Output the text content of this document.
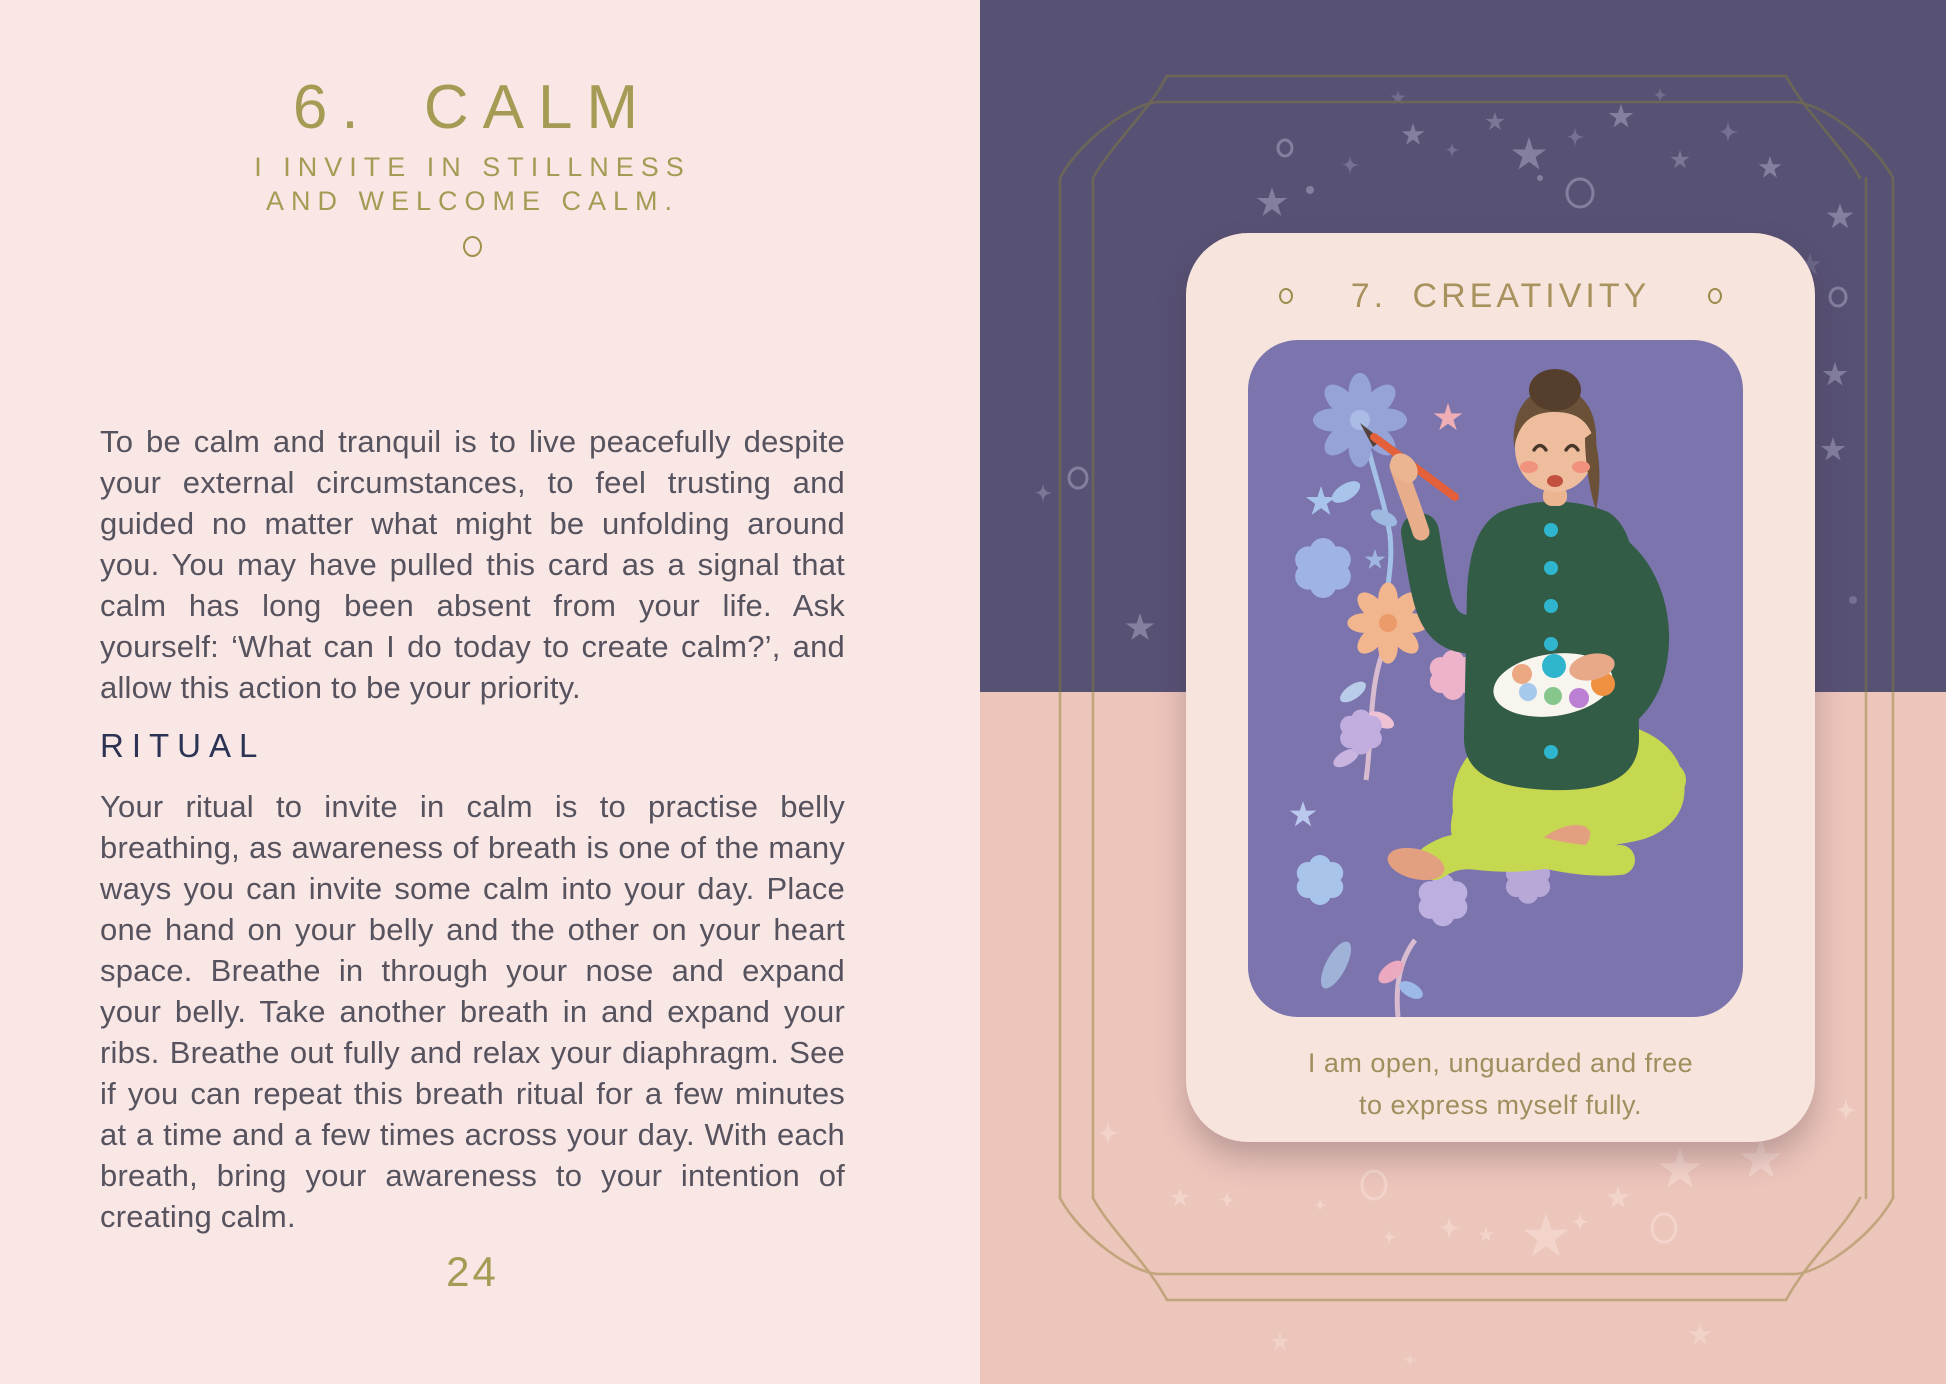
6. CALM
I INVITE IN STILLNESS
AND WELCOME CALM.

To be calm and tranquil is to live peacefully despite your external circumstances, to feel trusting and guided no matter what might be unfolding around you. You may have pulled this card as a signal that calm has long been absent from your life. Ask yourself: ‘What can I do today to create calm?’, and allow this action to be your priority.

RITUAL

Your ritual to invite in calm is to practise belly breathing, as awareness of breath is one of the many ways you can invite some calm into your day. Place one hand on your belly and the other on your heart space. Breathe in through your nose and expand your belly. Take another breath in and expand your ribs. Breathe out fully and relax your diaphragm. See if you can repeat this breath ritual for a few minutes at a time and a few times across your day. With each breath, bring your awareness to your intention of creating calm.

24
7. CREATIVITY
I am open, unguarded and free
to express myself fully.
